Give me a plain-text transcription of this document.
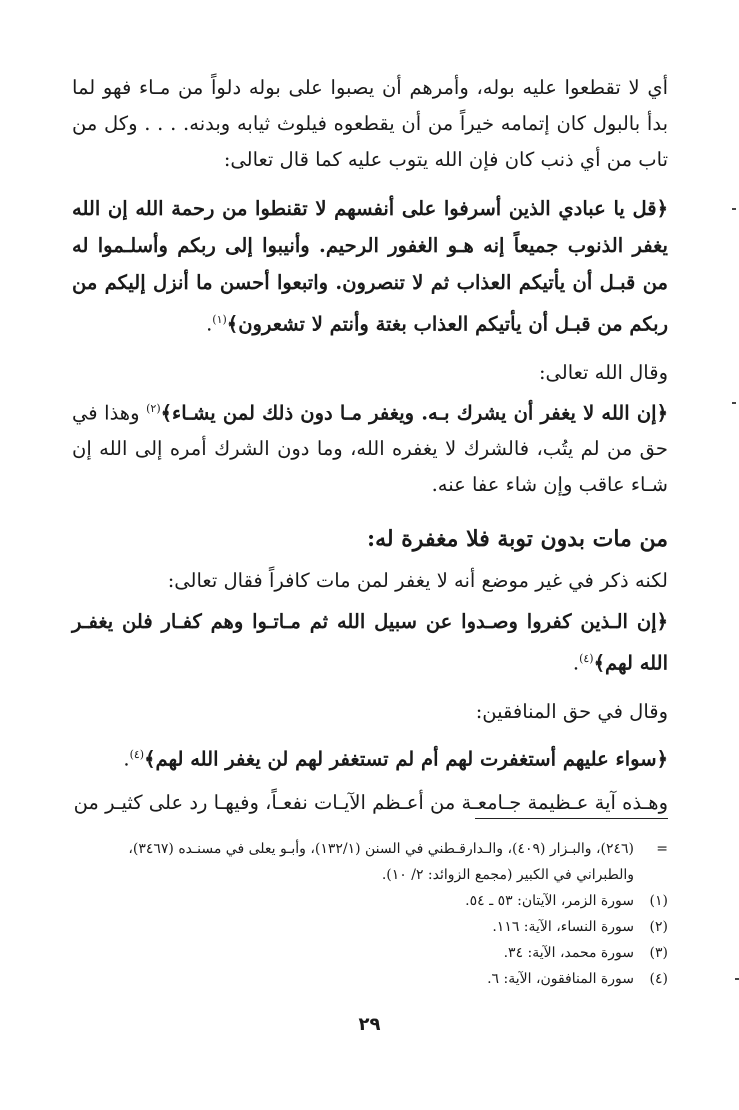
أي لا تقطعوا عليه بوله، وأمرهم أن يصبوا على بوله دلواً من مـاء فهو لما بدأ بالبول كان إتمامه خيراً من أن يقطعوه فيلوث ثيابه وبدنه. . . . وكل من تاب من أي ذنب كان فإن الله يتوب عليه كما قال تعالى:

﴿قل يا عبادي الذين أسرفوا على أنفسهم لا تقنطوا من رحمة الله إن الله يغفر الذنوب جميعاً إنه هـو الغفور الرحيم. وأنيبوا إلى ربكم وأسلـموا له من قبـل أن يأتيكم العذاب ثم لا تنصرون. واتبعوا أحسن ما أنزل إليكم من ربكم من قبـل أن يأتيكم العذاب بغتة وأنتم لا تشعرون﴾$^{(١)}$.

وقال الله تعالى:

﴿إن الله لا يغفر أن يشرك بـه. ويغفر مـا دون ذلك لمن يشـاء﴾$^{(٢)}$ وهذا في حق من لم يتُب، فالشرك لا يغفره الله، وما دون الشرك أمره إلى الله إن شـاء عاقب وإن شاء عفا عنه.

من مات بدون توبة فلا مغفرة له:

لكنه ذكر في غير موضع أنه لا يغفر لمن مات كافراً فقال تعالى:

﴿إن الـذين كفروا وصـدوا عن سبيل الله ثم مـاتـوا وهم كفـار فلن يغفـر الله لهم﴾$^{(٤)}$.

وقال في حق المنافقين:

﴿سواء عليهم أستغفرت لهم أم لم تستغفر لهم لن يغفر الله لهم﴾$^{(٤)}$.

وهـذه آية عـظيمة جـامعـة من أعـظم الآيـات نفعـاً، وفيهـا رد على كثيـر من

=
(٢٤٦)، والبـزار (٤٠٩)، والـدارقـطني في السنن (١٣٢/١)، وأبـو يعلى في مسنـده (٣٤٦٧)، والطبراني في الكبير (مجمع الزوائد: ٢/ ١٠).
(١)
سورة الزمر، الآيتان: ٥٣ ـ ٥٤.
(٢)
سورة النساء، الآية: ١١٦.
(٣)
سورة محمد، الآية: ٣٤.
(٤)
سورة المنافقون، الآية: ٦.
٢٩
